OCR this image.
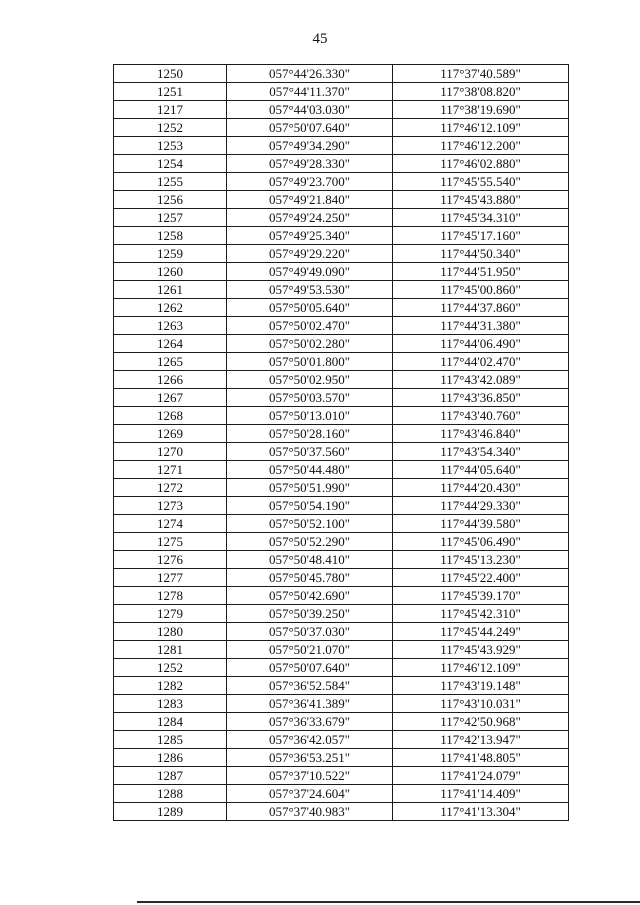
45
1250	057°44'26.330"	117°37'40.589"
1251	057°44'11.370"	117°38'08.820"
1217	057°44'03.030"	117°38'19.690"
1252	057°50'07.640"	117°46'12.109"
1253	057°49'34.290"	117°46'12.200"
1254	057°49'28.330"	117°46'02.880"
1255	057°49'23.700"	117°45'55.540"
1256	057°49'21.840"	117°45'43.880"
1257	057°49'24.250"	117°45'34.310"
1258	057°49'25.340"	117°45'17.160"
1259	057°49'29.220"	117°44'50.340"
1260	057°49'49.090"	117°44'51.950"
1261	057°49'53.530"	117°45'00.860"
1262	057°50'05.640"	117°44'37.860"
1263	057°50'02.470"	117°44'31.380"
1264	057°50'02.280"	117°44'06.490"
1265	057°50'01.800"	117°44'02.470"
1266	057°50'02.950"	117°43'42.089"
1267	057°50'03.570"	117°43'36.850"
1268	057°50'13.010"	117°43'40.760"
1269	057°50'28.160"	117°43'46.840"
1270	057°50'37.560"	117°43'54.340"
1271	057°50'44.480"	117°44'05.640"
1272	057°50'51.990"	117°44'20.430"
1273	057°50'54.190"	117°44'29.330"
1274	057°50'52.100"	117°44'39.580"
1275	057°50'52.290"	117°45'06.490"
1276	057°50'48.410"	117°45'13.230"
1277	057°50'45.780"	117°45'22.400"
1278	057°50'42.690"	117°45'39.170"
1279	057°50'39.250"	117°45'42.310"
1280	057°50'37.030"	117°45'44.249"
1281	057°50'21.070"	117°45'43.929"
1252	057°50'07.640"	117°46'12.109"
1282	057°36'52.584"	117°43'19.148"
1283	057°36'41.389"	117°43'10.031"
1284	057°36'33.679"	117°42'50.968"
1285	057°36'42.057"	117°42'13.947"
1286	057°36'53.251"	117°41'48.805"
1287	057°37'10.522"	117°41'24.079"
1288	057°37'24.604"	117°41'14.409"
1289	057°37'40.983"	117°41'13.304"
